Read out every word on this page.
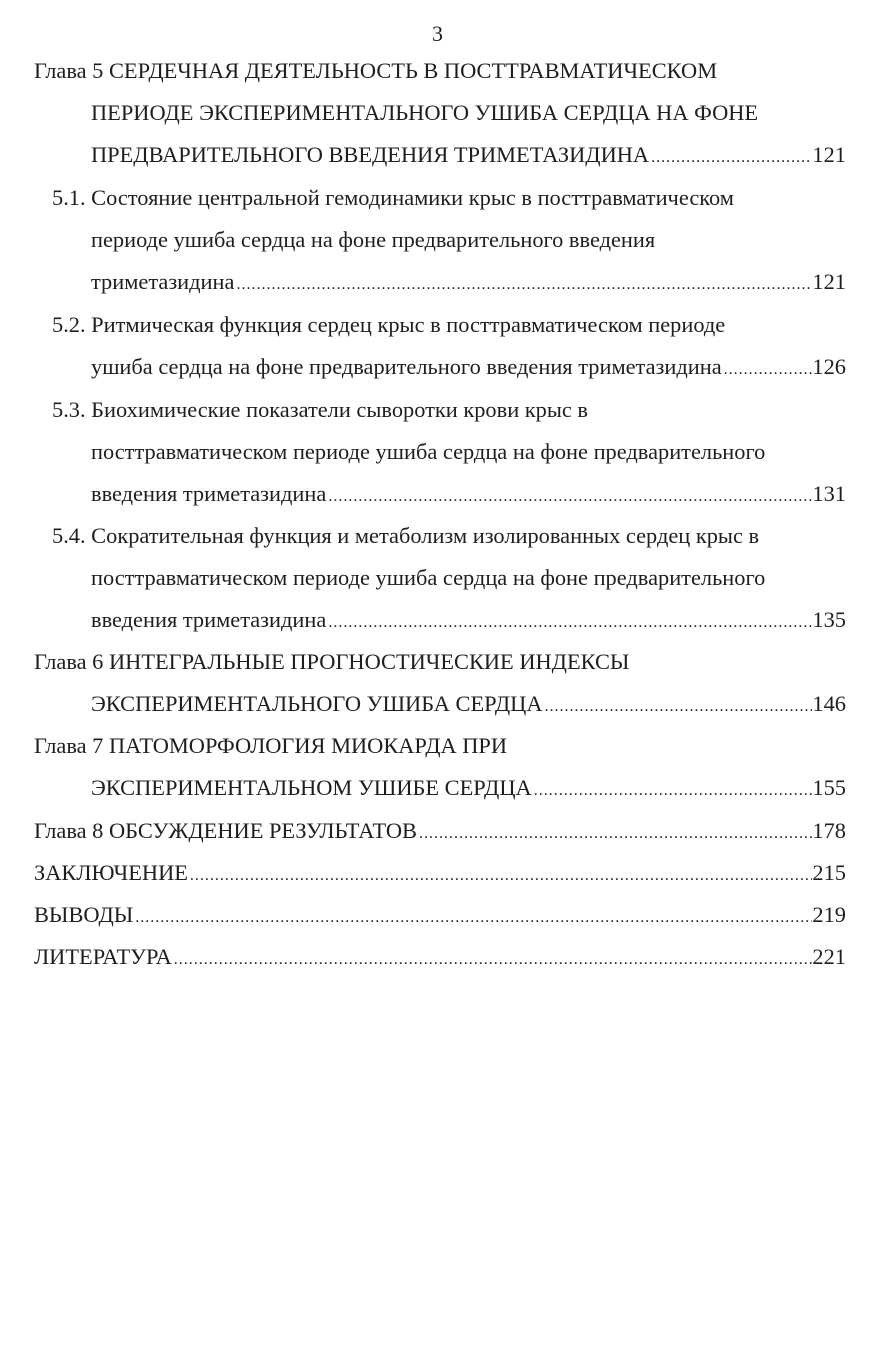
3
Глава 5 СЕРДЕЧНАЯ ДЕЯТЕЛЬНОСТЬ В ПОСТТРАВМАТИЧЕСКОМ
ПЕРИОДЕ ЭКСПЕРИМЕНТАЛЬНОГО УШИБА СЕРДЦА НА ФОНЕ
ПРЕДВАРИТЕЛЬНОГО ВВЕДЕНИЯ ТРИМЕТАЗИДИНА .....	121
5.1. Состояние центральной гемодинамики крыс в посттравматическом
периоде ушиба сердца на фоне предварительного введения
триметазидина .....	121
5.2. Ритмическая функция сердец крыс в посттравматическом периоде
ушиба сердца на фоне предварительного введения триметазидина .....	126
5.3. Биохимические показатели сыворотки крови крыс в
посттравматическом периоде ушиба сердца на фоне предварительного
введения триметазидина .....	131
5.4. Сократительная функция и метаболизм изолированных сердец крыс в
посттравматическом периоде ушиба сердца на фоне предварительного
введения триметазидина .....	135
Глава 6 ИНТЕГРАЛЬНЫЕ ПРОГНОСТИЧЕСКИЕ ИНДЕКСЫ
ЭКСПЕРИМЕНТАЛЬНОГО УШИБА СЕРДЦА .....	146
Глава 7 ПАТОМОРФОЛОГИЯ МИОКАРДА ПРИ
ЭКСПЕРИМЕНТАЛЬНОМ УШИБЕ СЕРДЦА .....	155
Глава 8 ОБСУЖДЕНИЕ РЕЗУЛЬТАТОВ .....	178
ЗАКЛЮЧЕНИЕ .....	215
ВЫВОДЫ .....	219
ЛИТЕРАТУРА .....	221
